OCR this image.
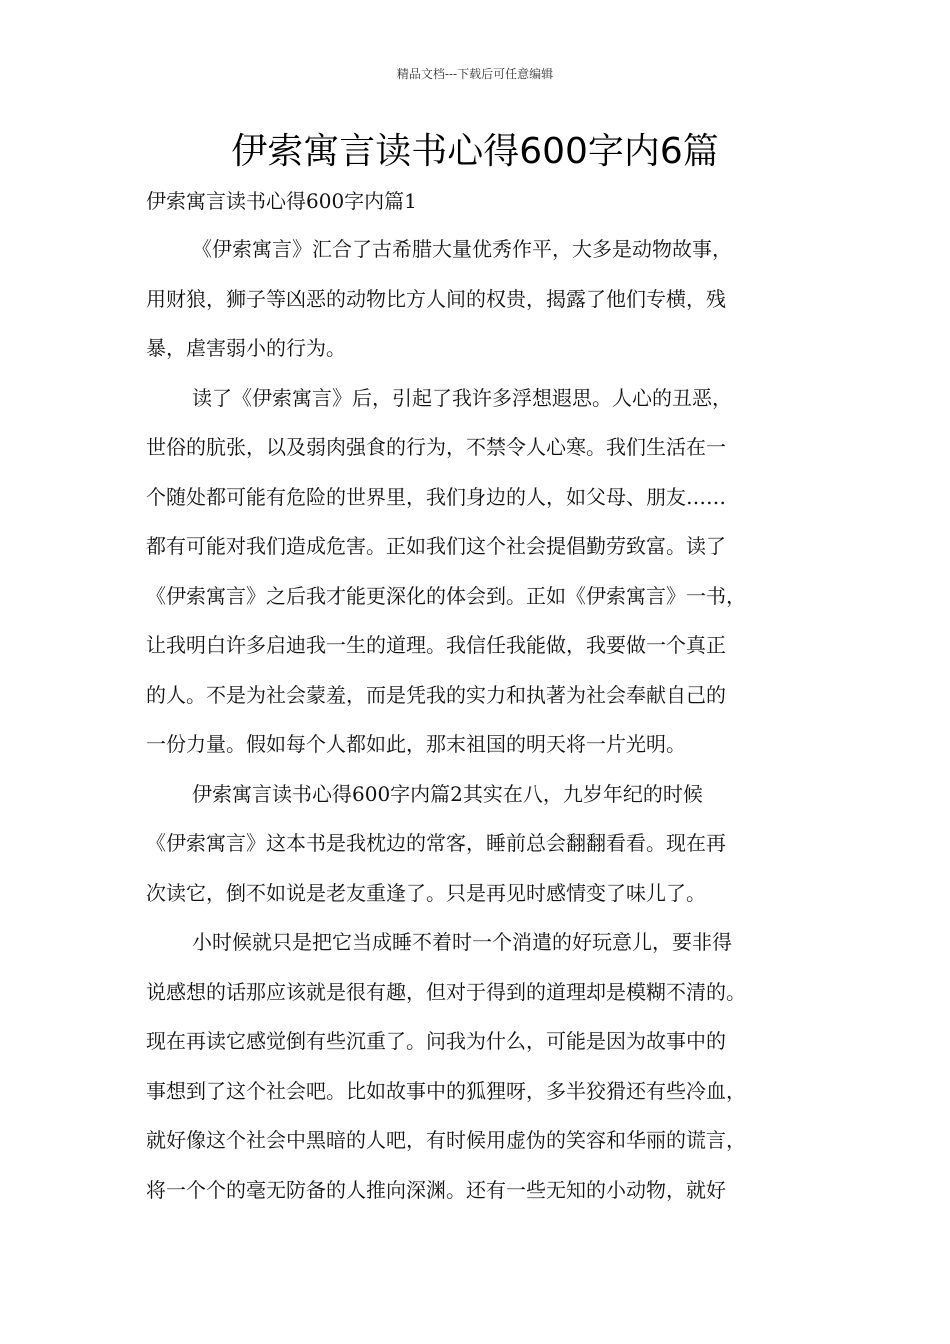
精品文档---下载后可任意编辑
伊索寓言读书心得600字内6篇
伊索寓言读书心得600字内篇1
《伊索寓言》汇合了古希腊大量优秀作平，大多是动物故事，
用财狼，狮子等凶恶的动物比方人间的权贵，揭露了他们专横，残
暴，虐害弱小的行为。
读了《伊索寓言》后，引起了我许多浮想遐思。人心的丑恶，
世俗的肮张，以及弱肉强食的行为，不禁令人心寒。我们生活在一
个随处都可能有危险的世界里，我们身边的人，如父母、朋友……
都有可能对我们造成危害。正如我们这个社会提倡勤劳致富。读了
《伊索寓言》之后我才能更深化的体会到。正如《伊索寓言》一书，
让我明白许多启迪我一生的道理。我信任我能做，我要做一个真正
的人。不是为社会蒙羞，而是凭我的实力和执著为社会奉献自己的
一份力量。假如每个人都如此，那末祖国的明天将一片光明。
伊索寓言读书心得600字内篇2其实在八，九岁年纪的时候
《伊索寓言》这本书是我枕边的常客，睡前总会翻翻看看。现在再
次读它，倒不如说是老友重逢了。只是再见时感情变了味儿了。
小时候就只是把它当成睡不着时一个消遣的好玩意儿，要非得
说感想的话那应该就是很有趣，但对于得到的道理却是模糊不清的。
现在再读它感觉倒有些沉重了。问我为什么，可能是因为故事中的
事想到了这个社会吧。比如故事中的狐狸呀，多半狡猾还有些冷血，
就好像这个社会中黑暗的人吧，有时候用虚伪的笑容和华丽的谎言，
将一个个的毫无防备的人推向深渊。还有一些无知的小动物，就好
